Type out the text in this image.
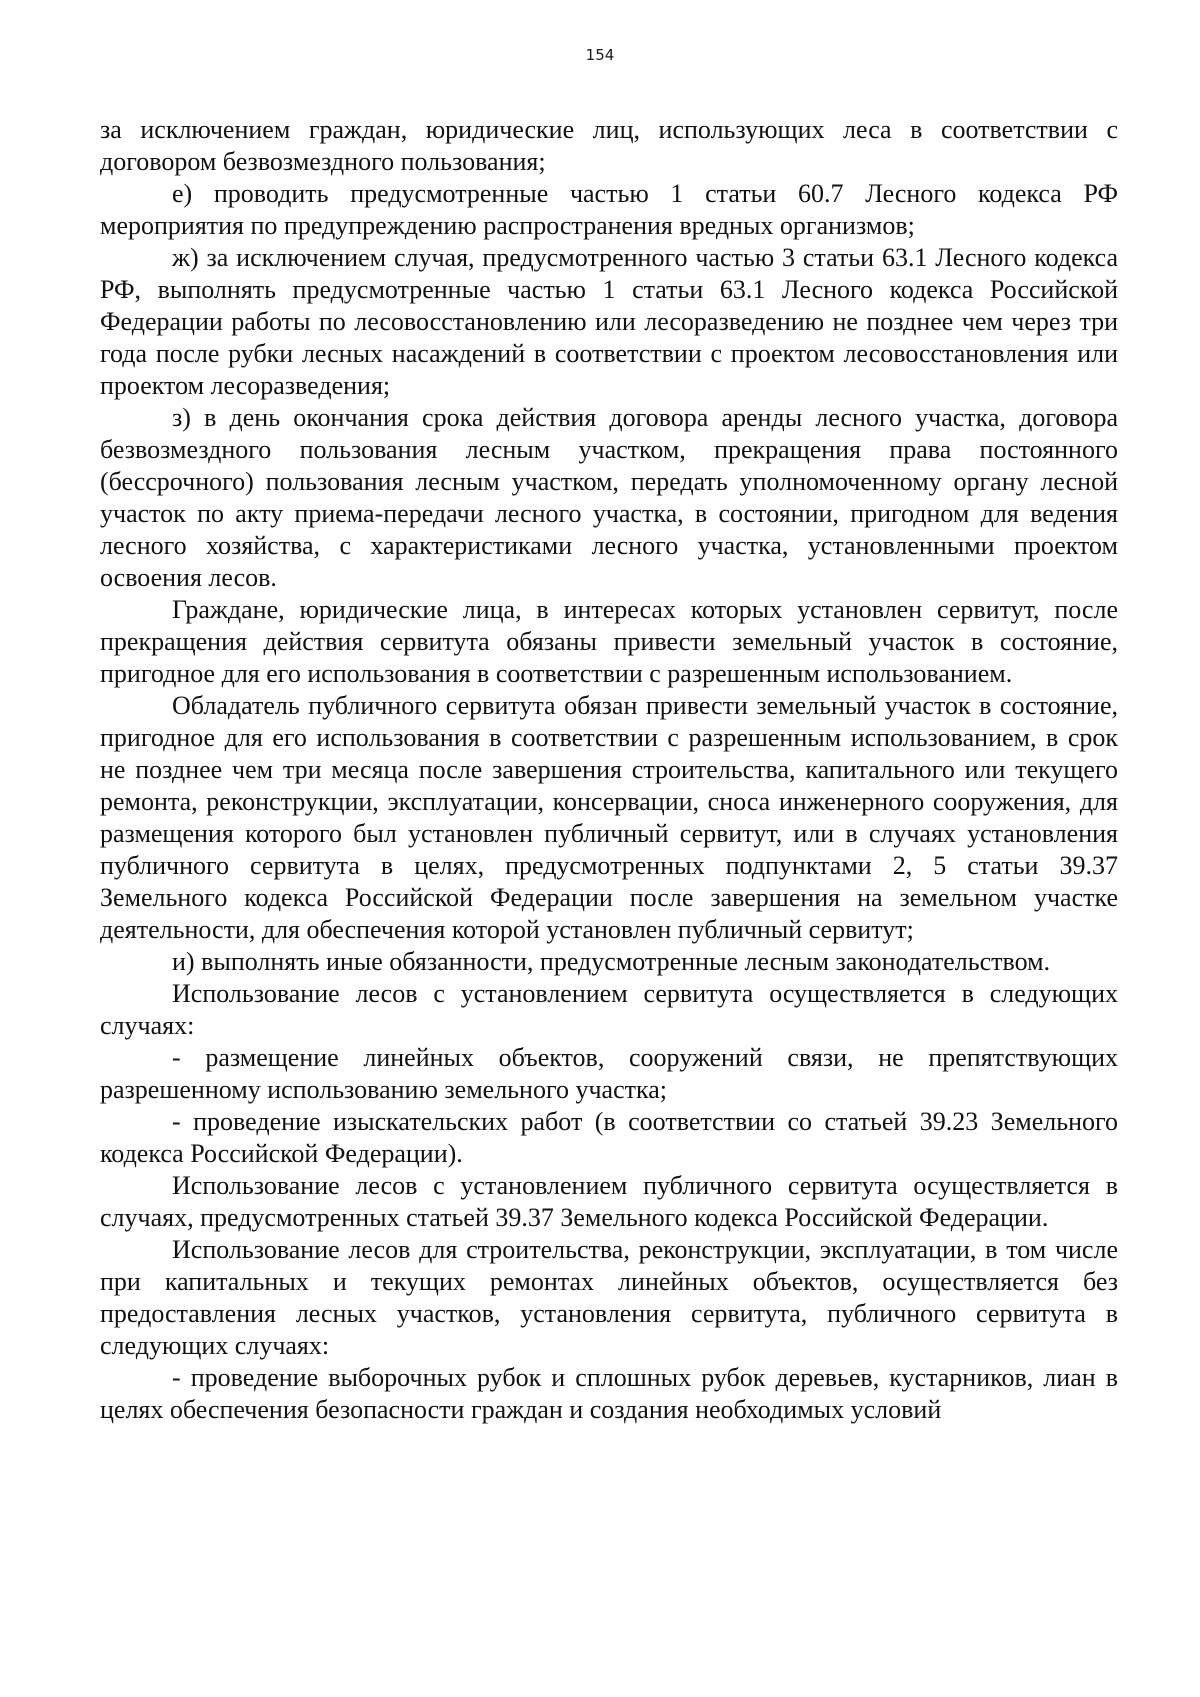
154

за исключением граждан, юридические лиц, использующих леса в соответствии с договором безвозмездного пользования;

е) проводить предусмотренные частью 1 статьи 60.7 Лесного кодекса РФ мероприятия по предупреждению распространения вредных организмов;

ж) за исключением случая, предусмотренного частью 3 статьи 63.1 Лесного кодекса РФ, выполнять предусмотренные частью 1 статьи 63.1 Лесного кодекса Российской Федерации работы по лесовосстановлению или лесоразведению не позднее чем через три года после рубки лесных насаждений в соответствии с проектом лесовосстановления или проектом лесоразведения;

з) в день окончания срока действия договора аренды лесного участка, договора безвозмездного пользования лесным участком, прекращения права постоянного (бессрочного) пользования лесным участком, передать уполномоченному органу лесной участок по акту приема-передачи лесного участка, в состоянии, пригодном для ведения лесного хозяйства, с характеристиками лесного участка, установленными проектом освоения лесов.

Граждане, юридические лица, в интересах которых установлен сервитут, после прекращения действия сервитута обязаны привести земельный участок в состояние, пригодное для его использования в соответствии с разрешенным использованием.

Обладатель публичного сервитута обязан привести земельный участок в состояние, пригодное для его использования в соответствии с разрешенным использованием, в срок не позднее чем три месяца после завершения строительства, капитального или текущего ремонта, реконструкции, эксплуатации, консервации, сноса инженерного сооружения, для размещения которого был установлен публичный сервитут, или в случаях установления публичного сервитута в целях, предусмотренных подпунктами 2, 5 статьи 39.37 Земельного кодекса Российской Федерации после завершения на земельном участке деятельности, для обеспечения которой установлен публичный сервитут;

и) выполнять иные обязанности, предусмотренные лесным законодательством.

Использование лесов с установлением сервитута осуществляется в следующих случаях:

- размещение линейных объектов, сооружений связи, не препятствующих разрешенному использованию земельного участка;

- проведение изыскательских работ (в соответствии со статьей 39.23 Земельного кодекса Российской Федерации).

Использование лесов с установлением публичного сервитута осуществляется в случаях, предусмотренных статьей 39.37 Земельного кодекса Российской Федерации.

Использование лесов для строительства, реконструкции, эксплуатации, в том числе при капитальных и текущих ремонтах линейных объектов, осуществляется без предоставления лесных участков, установления сервитута, публичного сервитута в следующих случаях:

- проведение выборочных рубок и сплошных рубок деревьев, кустарников, лиан в целях обеспечения безопасности граждан и создания необходимых условий
